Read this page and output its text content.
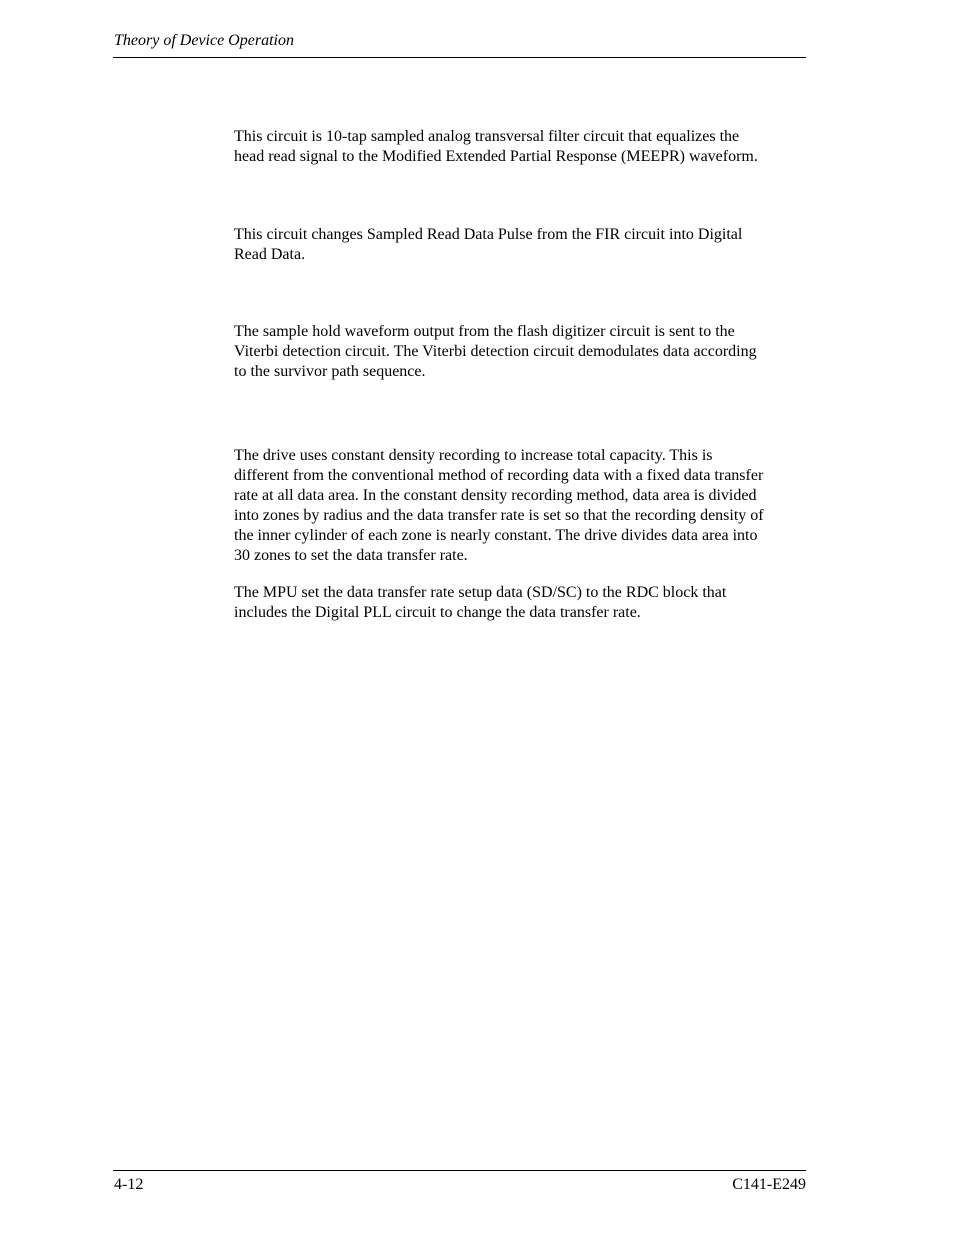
Theory of Device Operation

This circuit is 10-tap sampled analog transversal filter circuit that equalizes the
head read signal to the Modified Extended Partial Response (MEEPR) waveform.

This circuit changes Sampled Read Data Pulse from the FIR circuit into Digital
Read Data.

The sample hold waveform output from the flash digitizer circuit is sent to the
Viterbi detection circuit. The Viterbi detection circuit demodulates data according
to the survivor path sequence.

The drive uses constant density recording to increase total capacity. This is
different from the conventional method of recording data with a fixed data transfer
rate at all data area. In the constant density recording method, data area is divided
into zones by radius and the data transfer rate is set so that the recording density of
the inner cylinder of each zone is nearly constant. The drive divides data area into
30 zones to set the data transfer rate.

The MPU set the data transfer rate setup data (SD/SC) to the RDC block that
includes the Digital PLL circuit to change the data transfer rate.

4-12	C141-E249
